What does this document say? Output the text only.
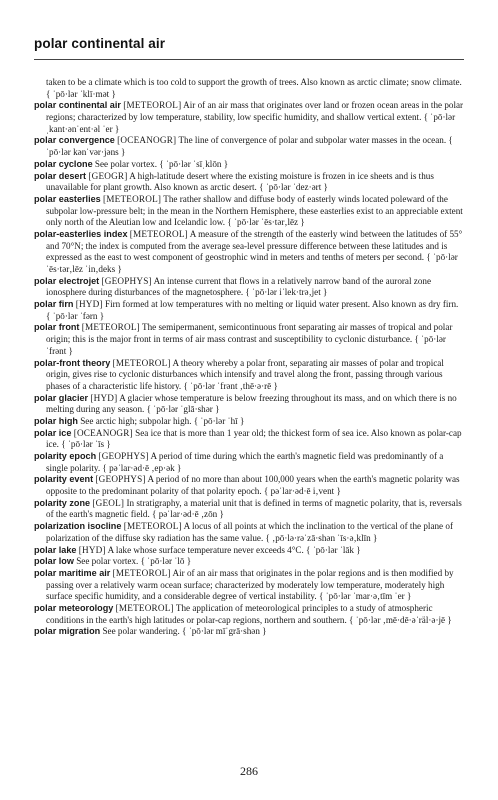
polar continental air

taken to be a climate which is too cold to support the growth of trees. Also known as arctic climate; snow climate. { ˈpō·lər ˈklī·mət }

polar continental air [METEOROL] Air of an air mass that originates over land or frozen ocean areas in the polar regions; characterized by low temperature, stability, low specific humidity, and shallow vertical extent. { ˈpō·lər ˌkant·ənˈent·əl ˈer }

polar convergence [OCEANOGR] The line of convergence of polar and subpolar water masses in the ocean. { ˈpō·lər kənˈvər·jəns }

polar cyclone See polar vortex. { ˈpō·lər ˈsīˌklōn }

polar desert [GEOGR] A high-latitude desert where the existing moisture is frozen in ice sheets and is thus unavailable for plant growth. Also known as arctic desert. { ˈpō·lər ˈdez·ərt }

polar easterlies [METEOROL] The rather shallow and diffuse body of easterly winds located poleward of the subpolar low-pressure belt; in the mean in the Northern Hemisphere, these easterlies exist to an appreciable extent only north of the Aleutian low and Icelandic low. { ˈpō·lər ˈēs·tər‚lēz }

polar-easterlies index [METEOROL] A measure of the strength of the easterly wind between the latitudes of 55° and 70°N; the index is computed from the average sea-level pressure difference between these latitudes and is expressed as the east to west component of geostrophic wind in meters and tenths of meters per second. { ˈpō·lər ˈēs·tər‚lēz ˈin‚deks }

polar electrojet [GEOPHYS] An intense current that flows in a relatively narrow band of the auroral zone ionosphere during disturbances of the magnetosphere. { ˈpō·lər iˈlek·trə‚jet }

polar firn [HYD] Firn formed at low temperatures with no melting or liquid water present. Also known as dry firn. { ˈpō·lər ˈfərn }

polar front [METEOROL] The semipermanent, semicontinuous front separating air masses of tropical and polar origin; this is the major front in terms of air mass contrast and susceptibility to cyclonic disturbance. { ˈpō·lər ˈfrənt }

polar-front theory [METEOROL] A theory whereby a polar front, separating air masses of polar and tropical origin, gives rise to cyclonic disturbances which intensify and travel along the front, passing through various phases of a characteristic life history. { ˈpō·lər ˈfrənt ‚thē·ə·rē }

polar glacier [HYD] A glacier whose temperature is below freezing throughout its mass, and on which there is no melting during any season. { ˈpō·lər ˈglā·shər }

polar high See arctic high; subpolar high. { ˈpō·lər ˈhī }

polar ice [OCEANOGR] Sea ice that is more than 1 year old; the thickest form of sea ice. Also known as polar-cap ice. { ˈpō·lər ˈīs }

polarity epoch [GEOPHYS] A period of time during which the earth's magnetic field was predominantly of a single polarity. { pəˈlar·əd·ē ‚ep·ək }

polarity event [GEOPHYS] A period of no more than about 100,000 years when the earth's magnetic polarity was opposite to the predominant polarity of that polarity epoch. { pəˈlar·əd·ē i‚vent }

polarity zone [GEOL] In stratigraphy, a material unit that is defined in terms of magnetic polarity, that is, reversals of the earth's magnetic field. { pəˈlar·əd·ē ‚zōn }

polarization isocline [METEOROL] A locus of all points at which the inclination to the vertical of the plane of polarization of the diffuse sky radiation has the same value. { ‚pō·lə·rəˈzā·shən ˈīs·ə‚klīn }

polar lake [HYD] A lake whose surface temperature never exceeds 4°C. { ˈpō·lər ˈlāk }

polar low See polar vortex. { ˈpō·lər ˈlō }

polar maritime air [METEOROL] Air of an air mass that originates in the polar regions and is then modified by passing over a relatively warm ocean surface; characterized by moderately low temperature, moderately high surface specific humidity, and a considerable degree of vertical instability. { ˈpō·lər ˈmar·ə‚tīm ˈer }

polar meteorology [METEOROL] The application of meteorological principles to a study of atmospheric conditions in the earth's high latitudes or polar-cap regions, northern and southern. { ˈpō·lər ‚mē·dē·əˈräl·ə·jē }

polar migration See polar wandering. { ˈpō·lər mīˈgrā·shən }

286
